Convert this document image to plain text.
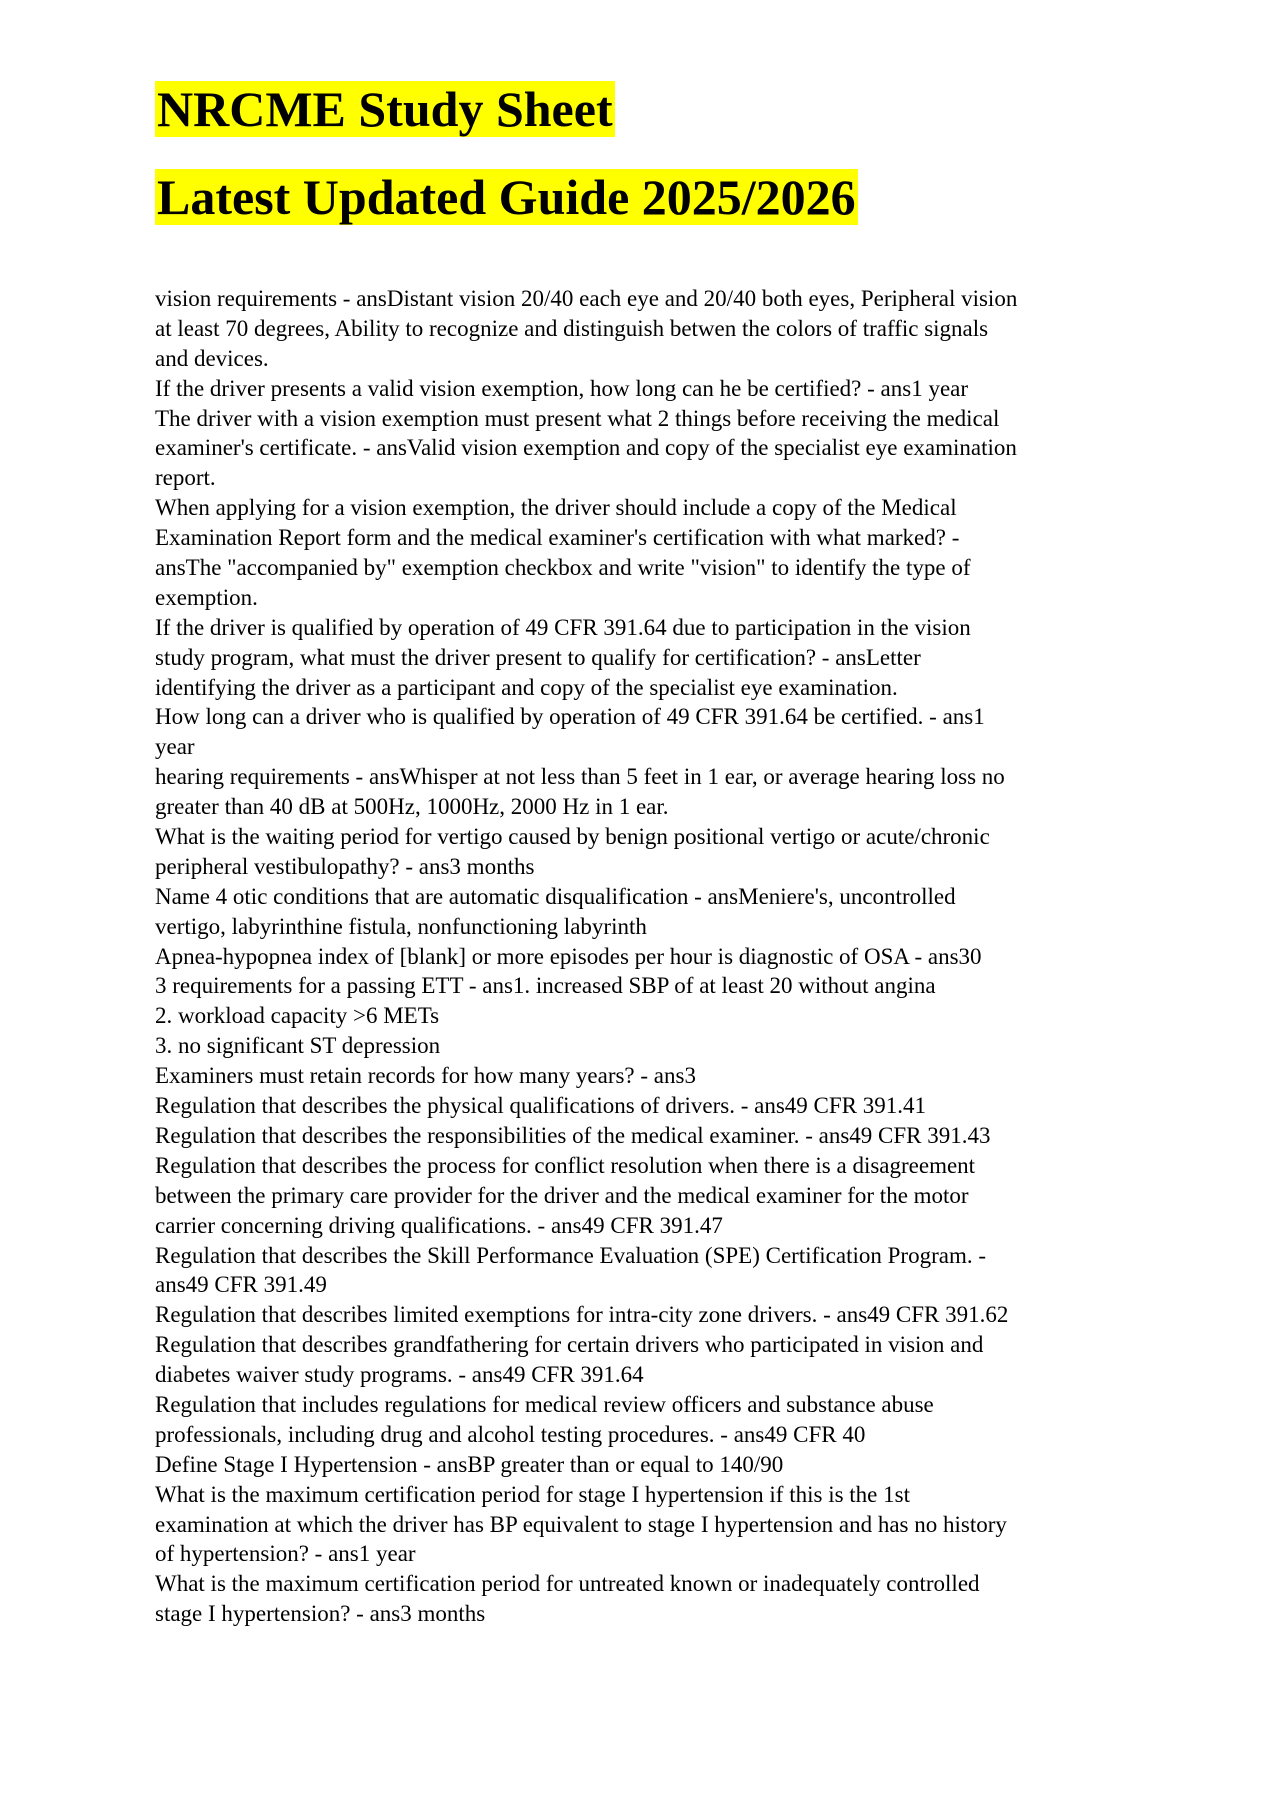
NRCME Study Sheet
Latest Updated Guide 2025/2026
vision requirements - ansDistant vision 20/40 each eye and 20/40 both eyes, Peripheral vision
at least 70 degrees, Ability to recognize and distinguish betwen the colors of traffic signals
and devices.
If the driver presents a valid vision exemption, how long can he be certified? - ans1 year
The driver with a vision exemption must present what 2 things before receiving the medical
examiner's certificate. - ansValid vision exemption and copy of the specialist eye examination
report.
When applying for a vision exemption, the driver should include a copy of the Medical
Examination Report form and the medical examiner's certification with what marked? -
ansThe "accompanied by" exemption checkbox and write "vision" to identify the type of
exemption.
If the driver is qualified by operation of 49 CFR 391.64 due to participation in the vision
study program, what must the driver present to qualify for certification? - ansLetter
identifying the driver as a participant and copy of the specialist eye examination.
How long can a driver who is qualified by operation of 49 CFR 391.64 be certified. - ans1
year
hearing requirements - ansWhisper at not less than 5 feet in 1 ear, or average hearing loss no
greater than 40 dB at 500Hz, 1000Hz, 2000 Hz in 1 ear.
What is the waiting period for vertigo caused by benign positional vertigo or acute/chronic
peripheral vestibulopathy? - ans3 months
Name 4 otic conditions that are automatic disqualification - ansMeniere's, uncontrolled
vertigo, labyrinthine fistula, nonfunctioning labyrinth
Apnea-hypopnea index of [blank] or more episodes per hour is diagnostic of OSA - ans30
3 requirements for a passing ETT - ans1. increased SBP of at least 20 without angina
2. workload capacity >6 METs
3. no significant ST depression
Examiners must retain records for how many years? - ans3
Regulation that describes the physical qualifications of drivers. - ans49 CFR 391.41
Regulation that describes the responsibilities of the medical examiner. - ans49 CFR 391.43
Regulation that describes the process for conflict resolution when there is a disagreement
between the primary care provider for the driver and the medical examiner for the motor
carrier concerning driving qualifications. - ans49 CFR 391.47
Regulation that describes the Skill Performance Evaluation (SPE) Certification Program. -
ans49 CFR 391.49
Regulation that describes limited exemptions for intra-city zone drivers. - ans49 CFR 391.62
Regulation that describes grandfathering for certain drivers who participated in vision and
diabetes waiver study programs. - ans49 CFR 391.64
Regulation that includes regulations for medical review officers and substance abuse
professionals, including drug and alcohol testing procedures. - ans49 CFR 40
Define Stage I Hypertension - ansBP greater than or equal to 140/90
What is the maximum certification period for stage I hypertension if this is the 1st
examination at which the driver has BP equivalent to stage I hypertension and has no history
of hypertension? - ans1 year
What is the maximum certification period for untreated known or inadequately controlled
stage I hypertension? - ans3 months
